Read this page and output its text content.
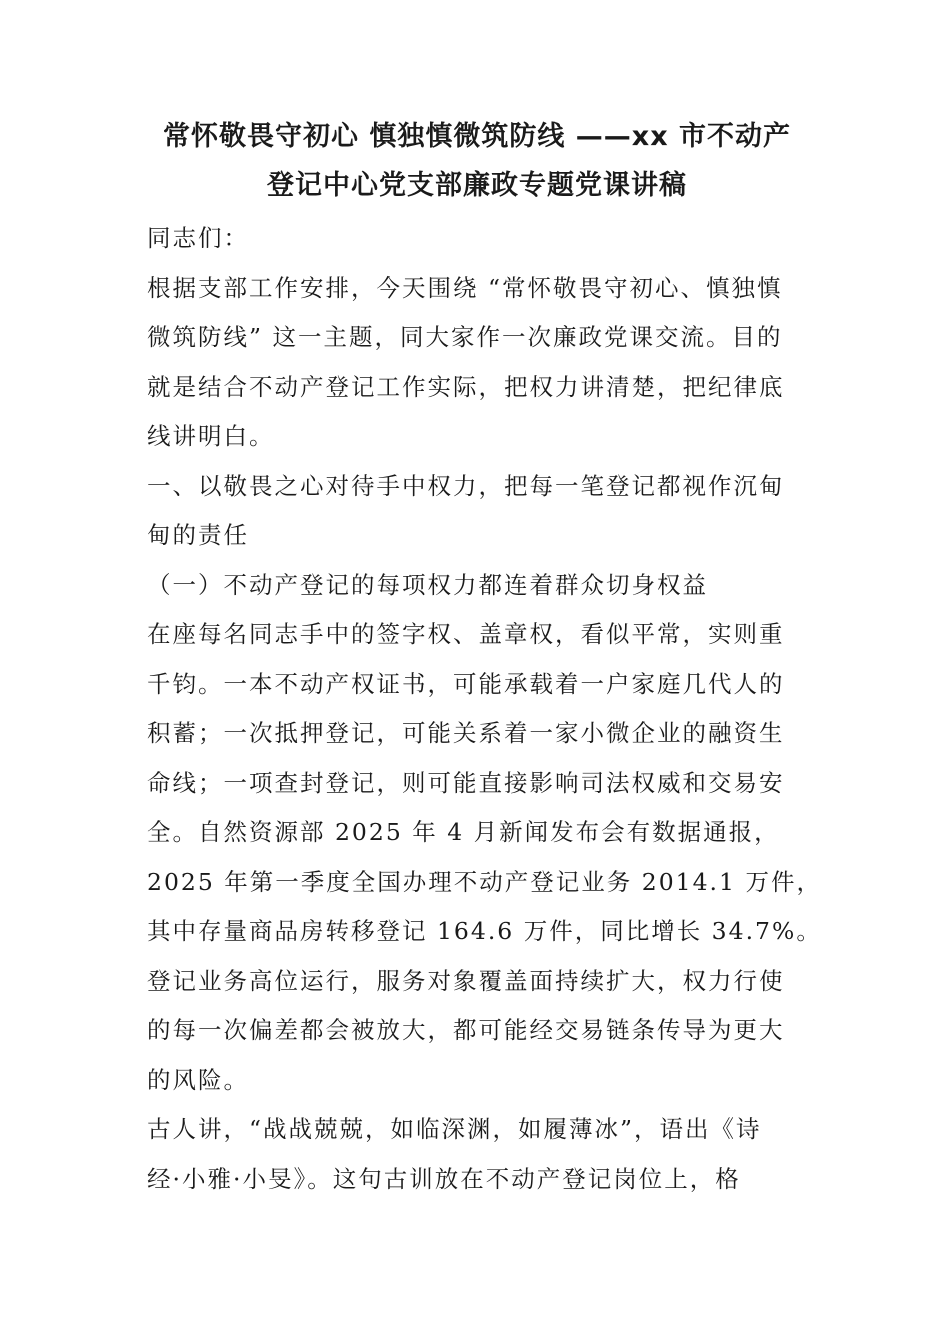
常怀敬畏守初心 慎独慎微筑防线 ——xx 市不动产
登记中心党支部廉政专题党课讲稿

同志们：

根据支部工作安排，今天围绕 “常怀敬畏守初心、慎独慎

微筑防线” 这一主题，同大家作一次廉政党课交流。目的

就是结合不动产登记工作实际，把权力讲清楚，把纪律底

线讲明白。

一、以敬畏之心对待手中权力，把每一笔登记都视作沉甸

甸的责任

（一）不动产登记的每项权力都连着群众切身权益

在座每名同志手中的签字权、盖章权，看似平常，实则重

千钧。一本不动产权证书，可能承载着一户家庭几代人的

积蓄；一次抵押登记，可能关系着一家小微企业的融资生

命线；一项查封登记，则可能直接影响司法权威和交易安

全。自然资源部 2025 年 4 月新闻发布会有数据通报，

2025 年第一季度全国办理不动产登记业务 2014.1 万件，

其中存量商品房转移登记 164.6 万件，同比增长 34.7%。

登记业务高位运行，服务对象覆盖面持续扩大，权力行使

的每一次偏差都会被放大，都可能经交易链条传导为更大

的风险。

古人讲，“战战兢兢，如临深渊，如履薄冰”，语出《诗

经·小雅·小旻》。这句古训放在不动产登记岗位上，格
